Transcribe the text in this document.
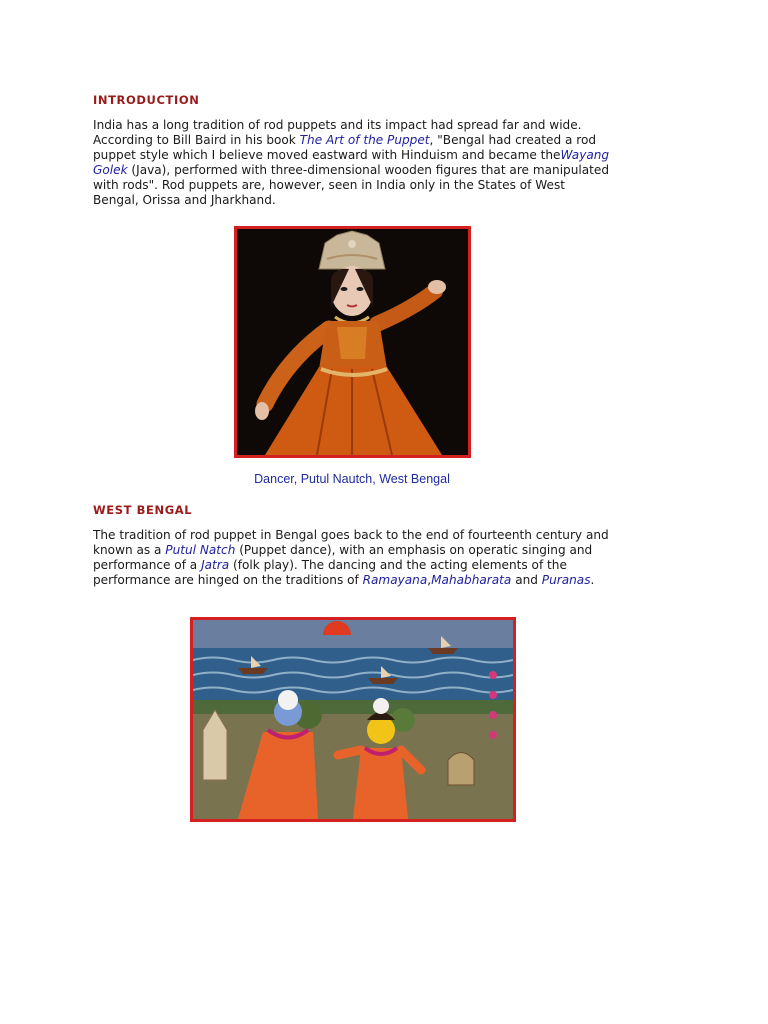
INTRODUCTION

India has a long tradition of rod puppets and its impact had spread far and wide. According to Bill Baird in his book The Art of the Puppet, "Bengal had created a rod puppet style which I believe moved eastward with Hinduism and became theWayang Golek (Java), performed with three-dimensional wooden figures that are manipulated with rods". Rod puppets are, however, seen in India only in the States of West Bengal, Orissa and Jharkhand.

Dancer, Putul Nautch, West Bengal
WEST BENGAL

The tradition of rod puppet in Bengal goes back to the end of fourteenth century and known as a Putul Natch (Puppet dance), with an emphasis on operatic singing and performance of a Jatra (folk play). The dancing and the acting elements of the performance are hinged on the traditions of Ramayana,Mahabharata and Puranas.
